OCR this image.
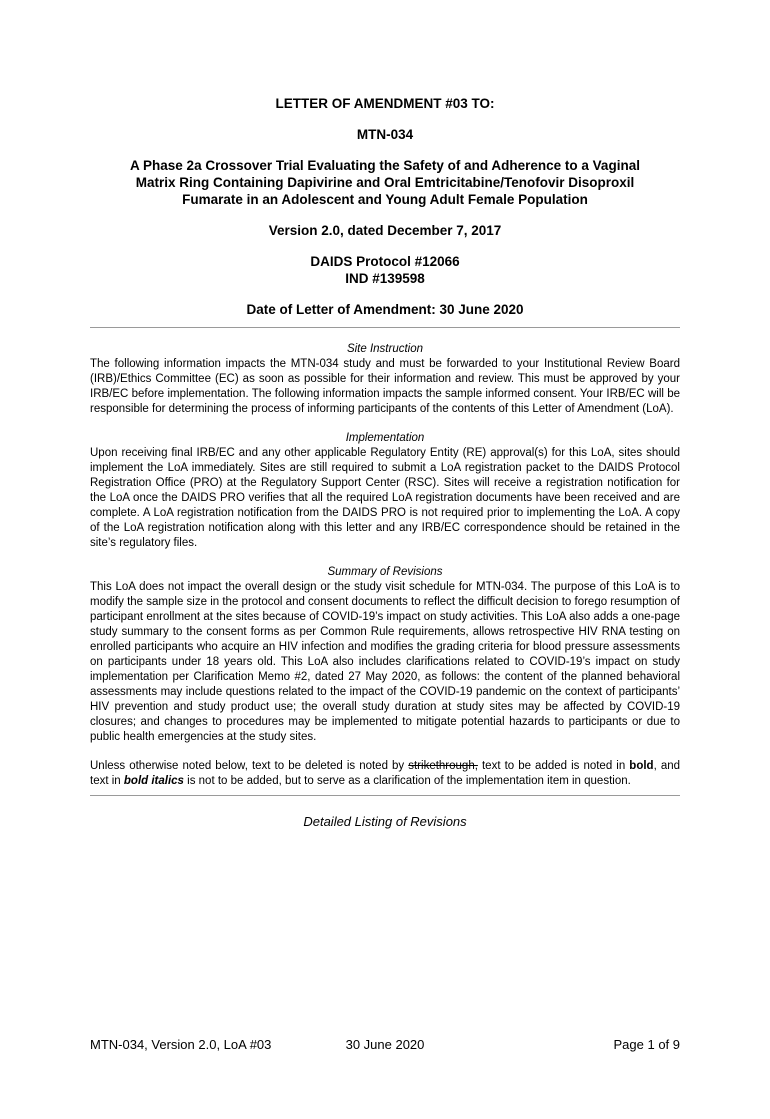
LETTER OF AMENDMENT #03 TO:

MTN-034

A Phase 2a Crossover Trial Evaluating the Safety of and Adherence to a Vaginal

Matrix Ring Containing Dapivirine and Oral Emtricitabine/Tenofovir Disoproxil

Fumarate in an Adolescent and Young Adult Female Population

Version 2.0, dated December 7, 2017

DAIDS Protocol #12066

IND #139598

Date of Letter of Amendment: 30 June 2020

Site Instruction

The following information impacts the MTN-034 study and must be forwarded to your Institutional Review Board (IRB)/Ethics Committee (EC) as soon as possible for their information and review. This must be approved by your IRB/EC before implementation. The following information impacts the sample informed consent. Your IRB/EC will be responsible for determining the process of informing participants of the contents of this Letter of Amendment (LoA).

Implementation

Upon receiving final IRB/EC and any other applicable Regulatory Entity (RE) approval(s) for this LoA, sites should implement the LoA immediately. Sites are still required to submit a LoA registration packet to the DAIDS Protocol Registration Office (PRO) at the Regulatory Support Center (RSC). Sites will receive a registration notification for the LoA once the DAIDS PRO verifies that all the required LoA registration documents have been received and are complete. A LoA registration notification from the DAIDS PRO is not required prior to implementing the LoA. A copy of the LoA registration notification along with this letter and any IRB/EC correspondence should be retained in the site’s regulatory files.

Summary of Revisions

This LoA does not impact the overall design or the study visit schedule for MTN-034. The purpose of this LoA is to modify the sample size in the protocol and consent documents to reflect the difficult decision to forego resumption of participant enrollment at the sites because of COVID-19’s impact on study activities. This LoA also adds a one-page study summary to the consent forms as per Common Rule requirements, allows retrospective HIV RNA testing on enrolled participants who acquire an HIV infection and modifies the grading criteria for blood pressure assessments on participants under 18 years old. This LoA also includes clarifications related to COVID-19’s impact on study implementation per Clarification Memo #2, dated 27 May 2020, as follows: the content of the planned behavioral assessments may include questions related to the impact of the COVID-19 pandemic on the context of participants’ HIV prevention and study product use; the overall study duration at study sites may be affected by COVID-19 closures; and changes to procedures may be implemented to mitigate potential hazards to participants or due to public health emergencies at the study sites.

Unless otherwise noted below, text to be deleted is noted by strikethrough, text to be added is noted in bold, and text in bold italics is not to be added, but to serve as a clarification of the implementation item in question.

Detailed Listing of Revisions

MTN-034, Version 2.0, LoA #03	30 June 2020	Page 1 of 9
